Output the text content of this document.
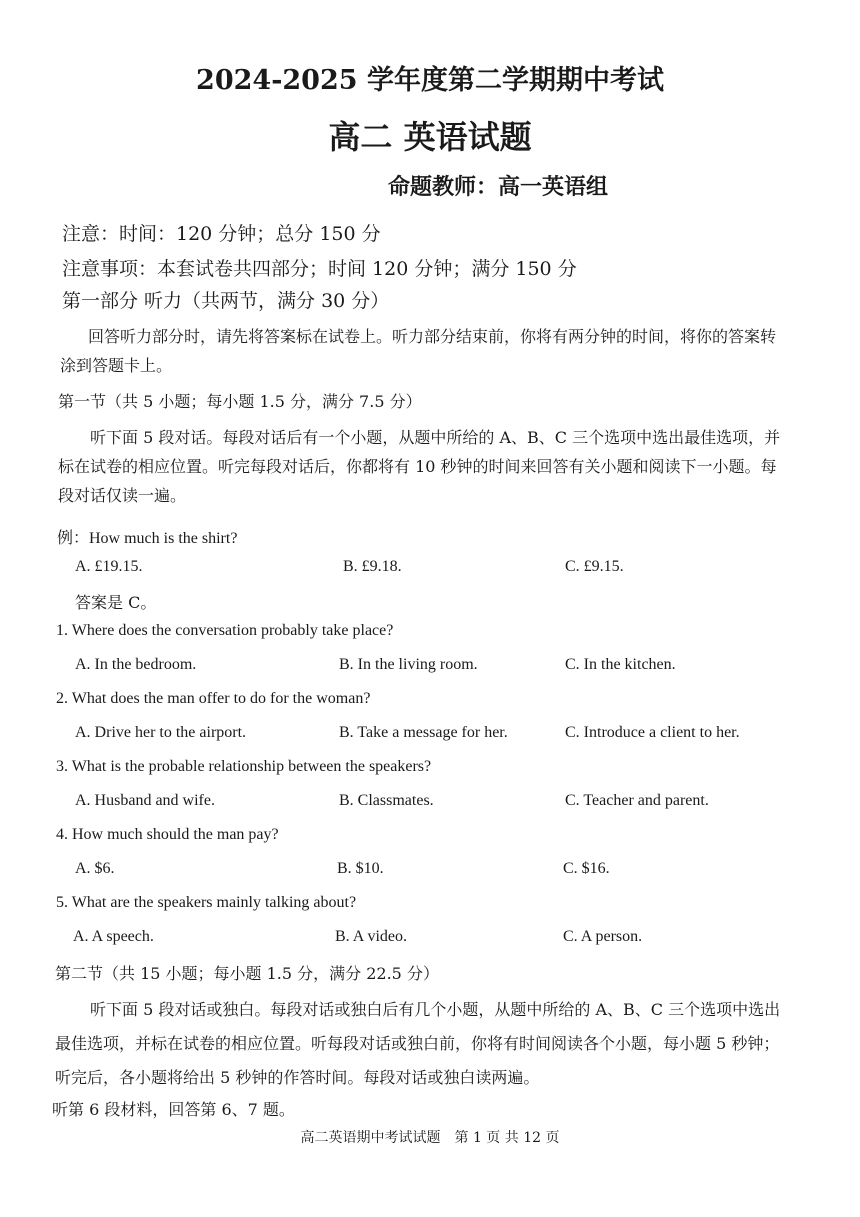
2024-2025 学年度第二学期期中考试
高二 英语试题
命题教师：高一英语组
注意：时间：120 分钟；总分 150 分
注意事项：本套试卷共四部分；时间 120 分钟；满分 150 分
第一部分 听力（共两节，满分 30 分）
回答听力部分时，请先将答案标在试卷上。听力部分结束前，你将有两分钟的时间，将你的答案转涂到答题卡上。
第一节（共 5 小题；每小题 1.5 分，满分 7.5 分）
听下面 5 段对话。每段对话后有一个小题，从题中所给的 A、B、C 三个选项中选出最佳选项，并标在试卷的相应位置。听完每段对话后，你都将有 10 秒钟的时间来回答有关小题和阅读下一小题。每段对话仅读一遍。
例：How much is the shirt?
A. £19.15.	B. £9.18.	C. £9.15.
答案是 C。
1. Where does the conversation probably take place?
A. In the bedroom.	B. In the living room.	C. In the kitchen.
2. What does the man offer to do for the woman?
A. Drive her to the airport.	B. Take a message for her.	C. Introduce a client to her.
3. What is the probable relationship between the speakers?
A. Husband and wife.	B. Classmates.	C. Teacher and parent.
4. How much should the man pay?
A. $6.	B. $10.	C. $16.
5. What are the speakers mainly talking about?
A. A speech.	B. A video.	C. A person.
第二节（共 15 小题；每小题 1.5 分，满分 22.5 分）
听下面 5 段对话或独白。每段对话或独白后有几个小题，从题中所给的 A、B、C 三个选项中选出最佳选项，并标在试卷的相应位置。听每段对话或独白前，你将有时间阅读各个小题，每小题 5 秒钟；听完后，各小题将给出 5 秒钟的作答时间。每段对话或独白读两遍。
听第 6 段材料，回答第 6、7 题。
高二英语期中考试试题　第 1 页 共 12 页
